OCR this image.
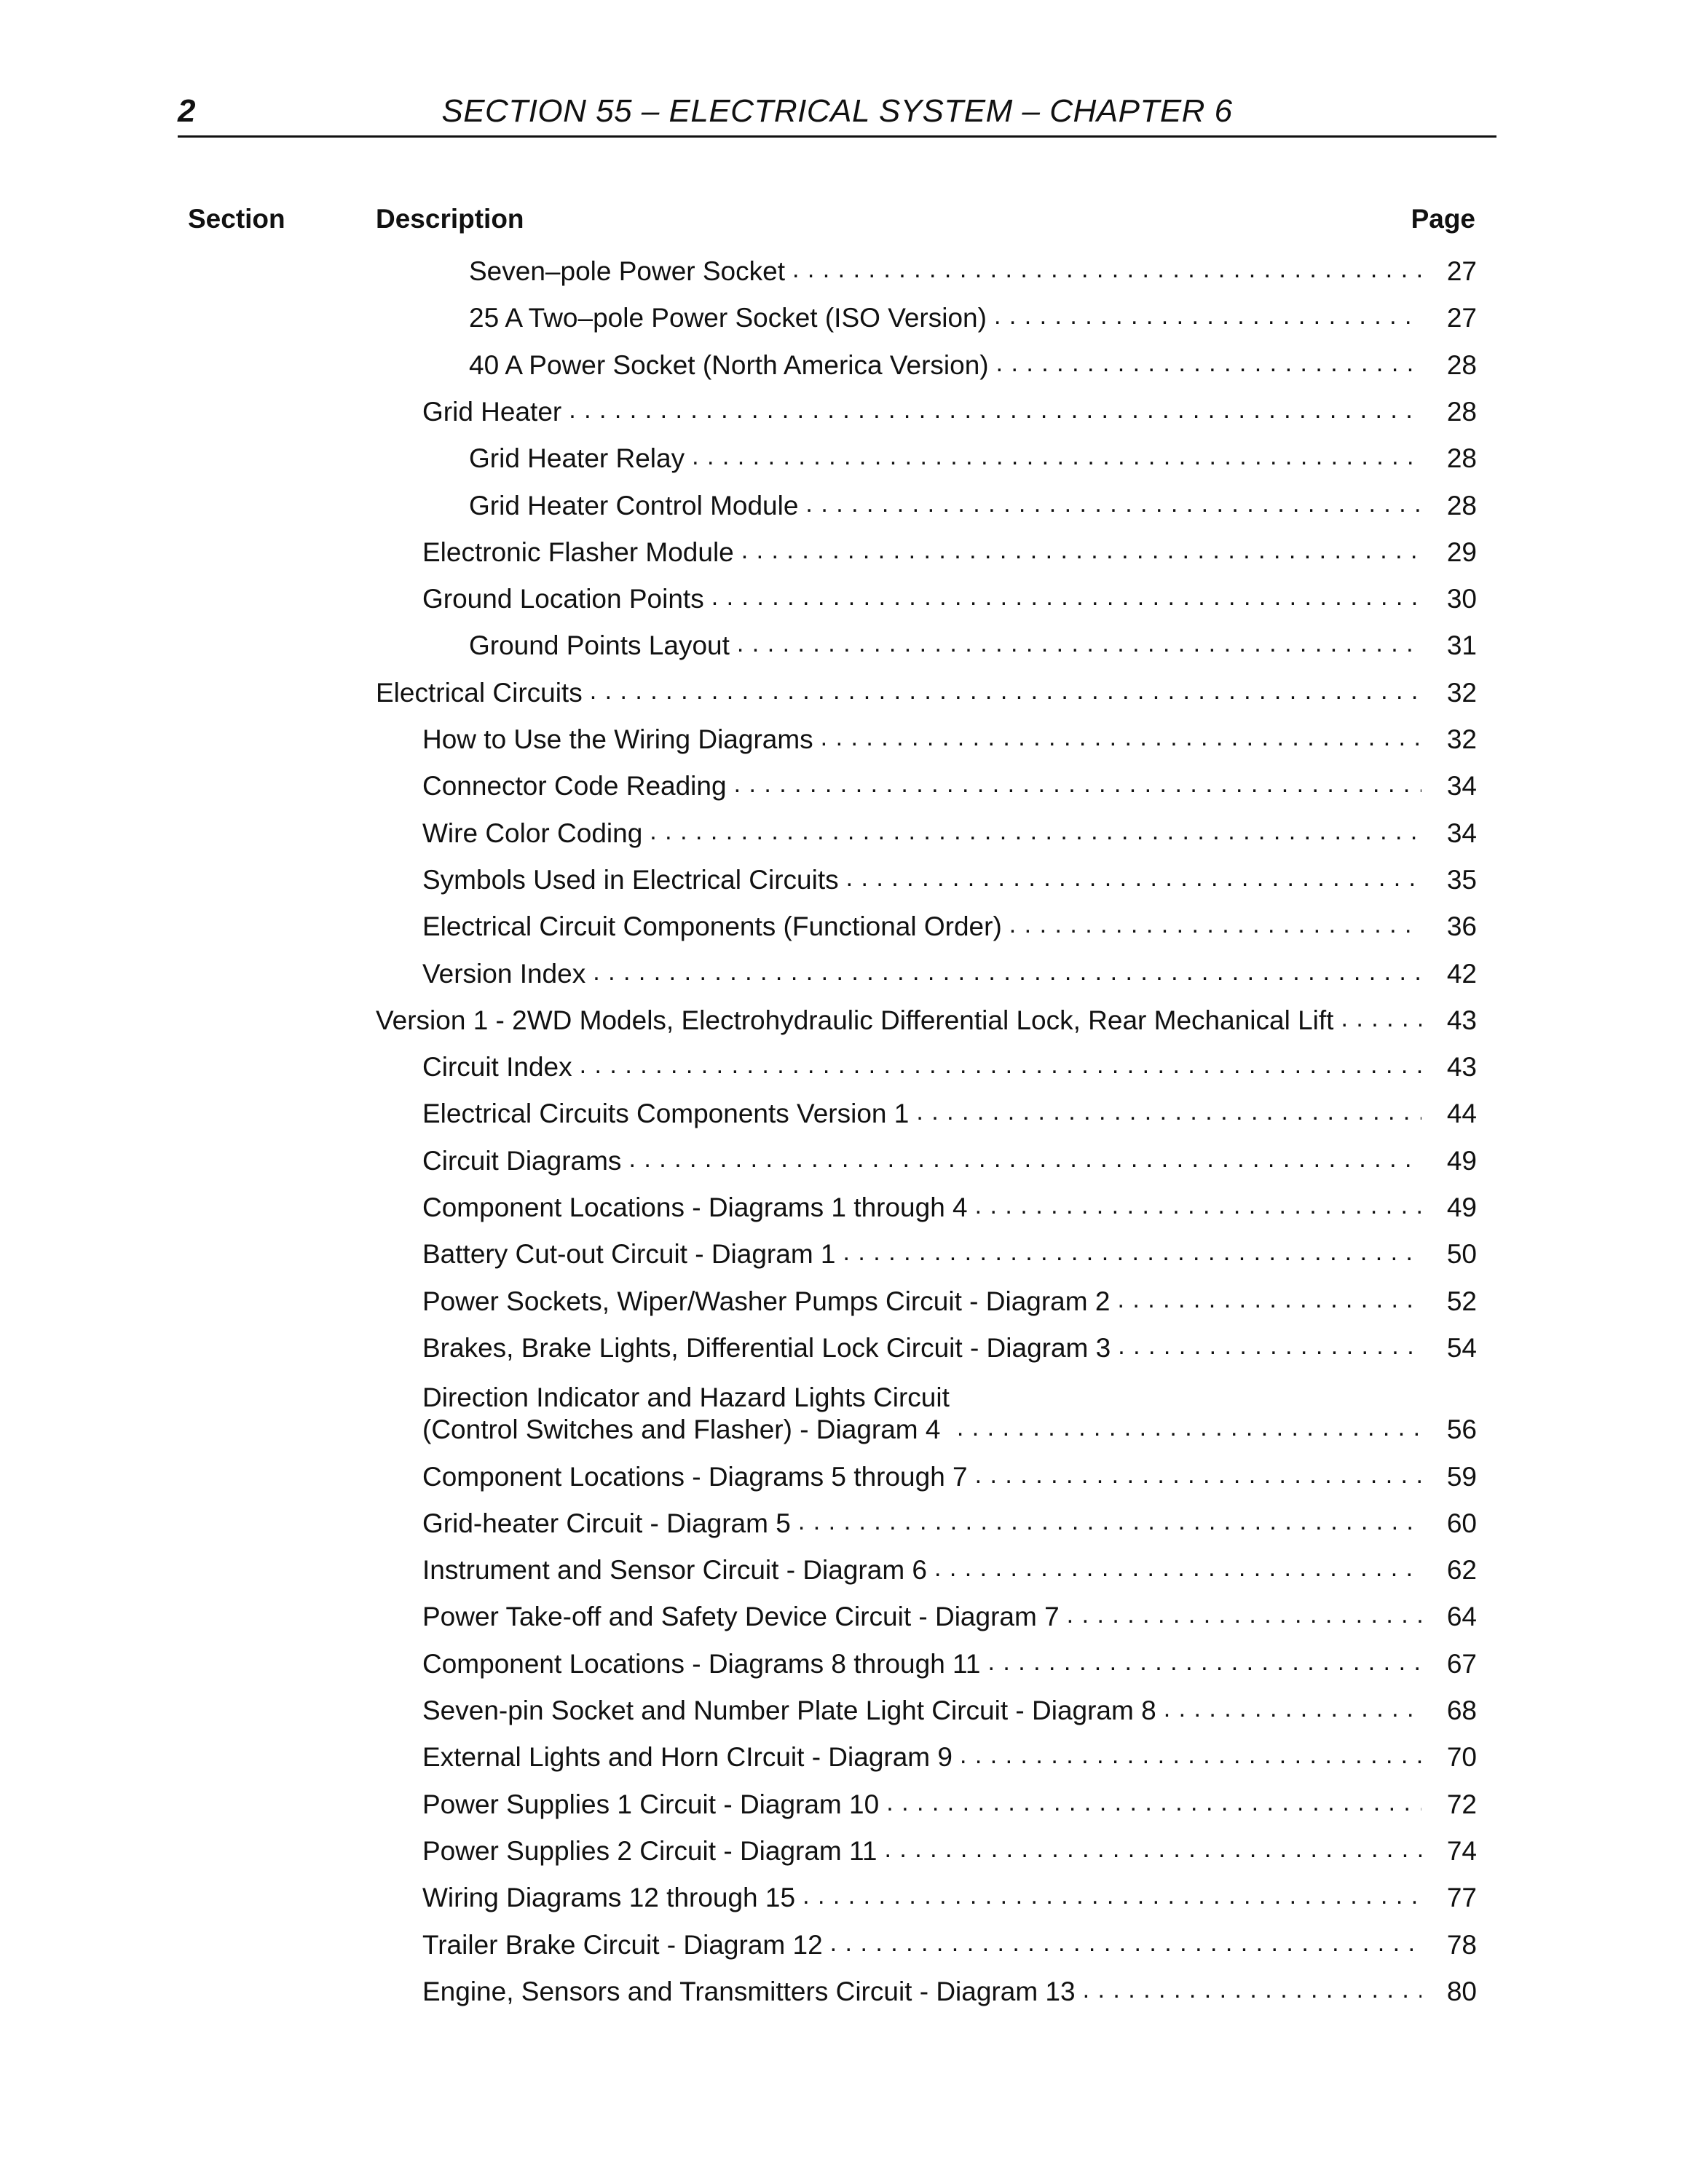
2	SECTION 55 – ELECTRICAL SYSTEM – CHAPTER 6
Section	Description	Page
Seven–pole Power Socket . . .	27
25 A Two–pole Power Socket (ISO Version) . . .	27
40 A Power Socket (North America Version) . . .	28
Grid Heater . . .	28
Grid Heater Relay . . .	28
Grid Heater Control Module . . .	28
Electronic Flasher Module . . .	29
Ground Location Points . . .	30
Ground Points Layout . . .	31
Electrical Circuits . . .	32
How to Use the Wiring Diagrams . . .	32
Connector Code Reading . . .	34
Wire Color Coding . . .	34
Symbols Used in Electrical Circuits . . .	35
Electrical Circuit Components (Functional Order) . . .	36
Version Index . . .	42
Version 1 - 2WD Models, Electrohydraulic Differential Lock, Rear Mechanical Lift . . .	43
Circuit Index . . .	43
Electrical Circuits Components Version 1 . . .	44
Circuit Diagrams . . .	49
Component Locations - Diagrams 1 through 4 . . .	49
Battery Cut-out Circuit - Diagram 1 . . .	50
Power Sockets, Wiper/Washer Pumps Circuit - Diagram 2 . . .	52
Brakes, Brake Lights, Differential Lock Circuit - Diagram 3 . . .	54
Direction Indicator and Hazard Lights Circuit
(Control Switches and Flasher) - Diagram 4 . . .	56
Component Locations - Diagrams 5 through 7 . . .	59
Grid-heater Circuit - Diagram 5 . . .	60
Instrument and Sensor Circuit - Diagram 6 . . .	62
Power Take-off and Safety Device Circuit - Diagram 7 . . .	64
Component Locations - Diagrams 8 through 11 . . .	67
Seven-pin Socket and Number Plate Light Circuit - Diagram 8 . . .	68
External Lights and Horn CIrcuit - Diagram 9 . . .	70
Power Supplies 1 Circuit - Diagram 10 . . .	72
Power Supplies 2 Circuit - Diagram 11 . . .	74
Wiring Diagrams 12 through 15 . . .	77
Trailer Brake Circuit - Diagram 12 . . .	78
Engine, Sensors and Transmitters Circuit - Diagram 13 . . .	80
